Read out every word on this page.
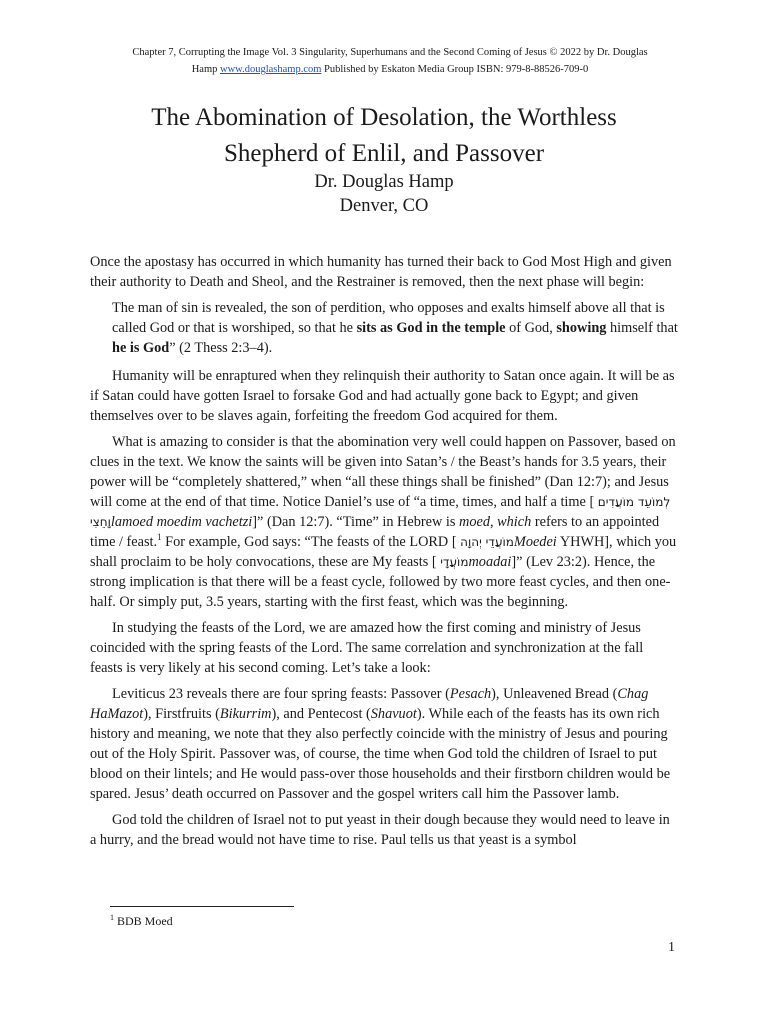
Chapter 7, Corrupting the Image Vol. 3 Singularity, Superhumans and the Second Coming of Jesus © 2022 by Dr. Douglas
Hamp www.douglashamp.com Published by Eskaton Media Group ISBN: 979-8-88526-709-0
The Abomination of Desolation, the Worthless
Shepherd of Enlil, and Passover
Dr. Douglas Hamp
Denver, CO

Once the apostasy has occurred in which humanity has turned their back to God Most High and given their authority to Death and Sheol, and the Restrainer is removed, then the next phase will begin:

The man of sin is revealed, the son of perdition, who opposes and exalts himself above all that is called God or that is worshiped, so that he sits as God in the temple of God, showing himself that he is God” (2 Thess 2:3–4).

Humanity will be enraptured when they relinquish their authority to Satan once again. It will be as if Satan could have gotten Israel to forsake God and had actually gone back to Egypt; and given themselves over to be slaves again, forfeiting the freedom God acquired for them.

What is amazing to consider is that the abomination very well could happen on Passover, based on clues in the text. We know the saints will be given into Satan’s / the Beast’s hands for 3.5 years, their power will be “completely shattered,” when “all these things shall be finished” (Dan 12:7); and Jesus will come at the end of that time. Notice Daniel’s use of “a time, times, and half a time [ לְמוֹעֵד מוֹעֲדִים וָחֵצִיlamoed moedim vachetzi]” (Dan 12:7). “Time” in Hebrew is moed, which refers to an appointed time / feast.$^1$ For example, God says: “The feasts of the LORD [ מוֹעֲדֵי יְהוָהMoedei YHWH], which you shall proclaim to be holy convocations, these are My feasts [ מוֹעֲדָיmoadai]” (Lev 23:2). Hence, the strong implication is that there will be a feast cycle, followed by two more feast cycles, and then one-half. Or simply put, 3.5 years, starting with the first feast, which was the beginning.

In studying the feasts of the Lord, we are amazed how the first coming and ministry of Jesus coincided with the spring feasts of the Lord. The same correlation and synchronization at the fall feasts is very likely at his second coming. Let’s take a look:

Leviticus 23 reveals there are four spring feasts: Passover (Pesach), Unleavened Bread (Chag HaMazot), Firstfruits (Bikurrim), and Pentecost (Shavuot). While each of the feasts has its own rich history and meaning, we note that they also perfectly coincide with the ministry of Jesus and pouring out of the Holy Spirit. Passover was, of course, the time when God told the children of Israel to put blood on their lintels; and He would pass-over those households and their firstborn children would be spared. Jesus’ death occurred on Passover and the gospel writers call him the Passover lamb.

God told the children of Israel not to put yeast in their dough because they would need to leave in a hurry, and the bread would not have time to rise. Paul tells us that yeast is a symbol

$^1$ BDB Moed
1
